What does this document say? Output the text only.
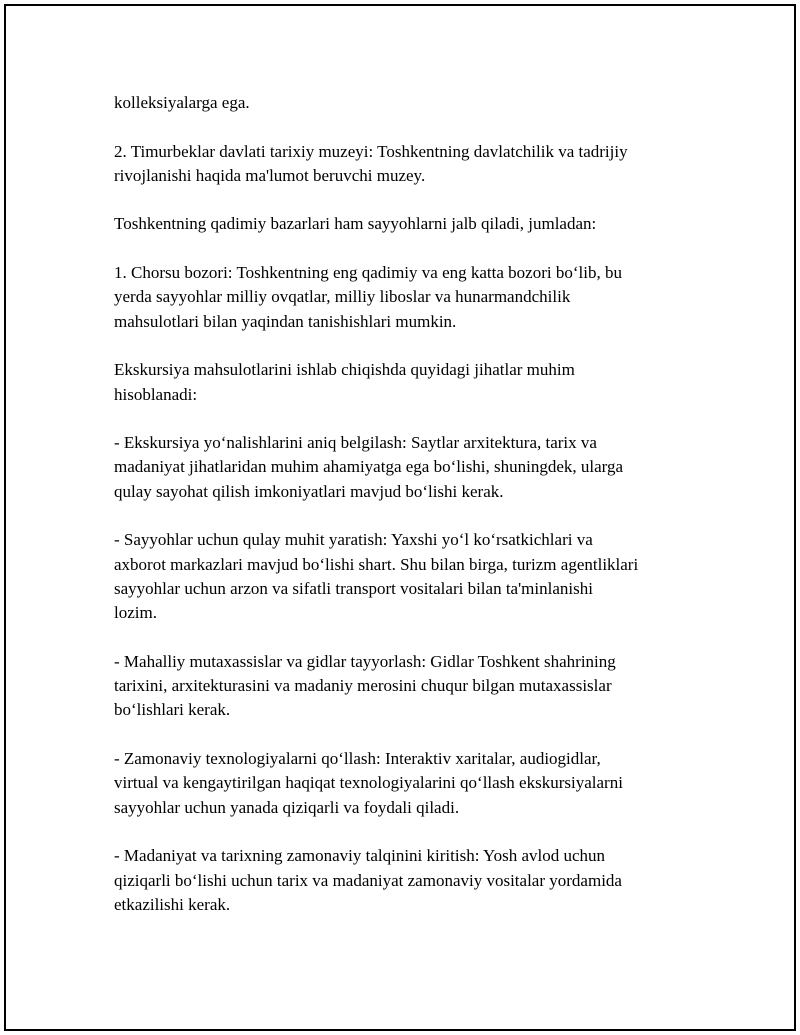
kolleksiyalarga ega.

2. Timurbeklar davlati tarixiy muzeyi: Toshkentning davlatchilik va tadrijiy
rivojlanishi haqida ma'lumot beruvchi muzey.

Toshkentning qadimiy bazarlari ham sayyohlarni jalb qiladi, jumladan:

1. Chorsu bozori: Toshkentning eng qadimiy va eng katta bozori bo‘lib, bu
yerda sayyohlar milliy ovqatlar, milliy liboslar va hunarmandchilik
mahsulotlari bilan yaqindan tanishishlari mumkin.

Ekskursiya mahsulotlarini ishlab chiqishda quyidagi jihatlar muhim
hisoblanadi:

- Ekskursiya yo‘nalishlarini aniq belgilash: Saytlar arxitektura, tarix va
madaniyat jihatlaridan muhim ahamiyatga ega bo‘lishi, shuningdek, ularga
qulay sayohat qilish imkoniyatlari mavjud bo‘lishi kerak.

- Sayyohlar uchun qulay muhit yaratish: Yaxshi yo‘l ko‘rsatkichlari va
axborot markazlari mavjud bo‘lishi shart. Shu bilan birga, turizm agentliklari
sayyohlar uchun arzon va sifatli transport vositalari bilan ta'minlanishi
lozim.

- Mahalliy mutaxassislar va gidlar tayyorlash: Gidlar Toshkent shahrining
tarixini, arxitekturasini va madaniy merosini chuqur bilgan mutaxassislar
bo‘lishlari kerak.

- Zamonaviy texnologiyalarni qo‘llash: Interaktiv xaritalar, audiogidlar,
virtual va kengaytirilgan haqiqat texnologiyalarini qo‘llash ekskursiyalarni
sayyohlar uchun yanada qiziqarli va foydali qiladi.

- Madaniyat va tarixning zamonaviy talqinini kiritish: Yosh avlod uchun
qiziqarli bo‘lishi uchun tarix va madaniyat zamonaviy vositalar yordamida
etkazilishi kerak.
